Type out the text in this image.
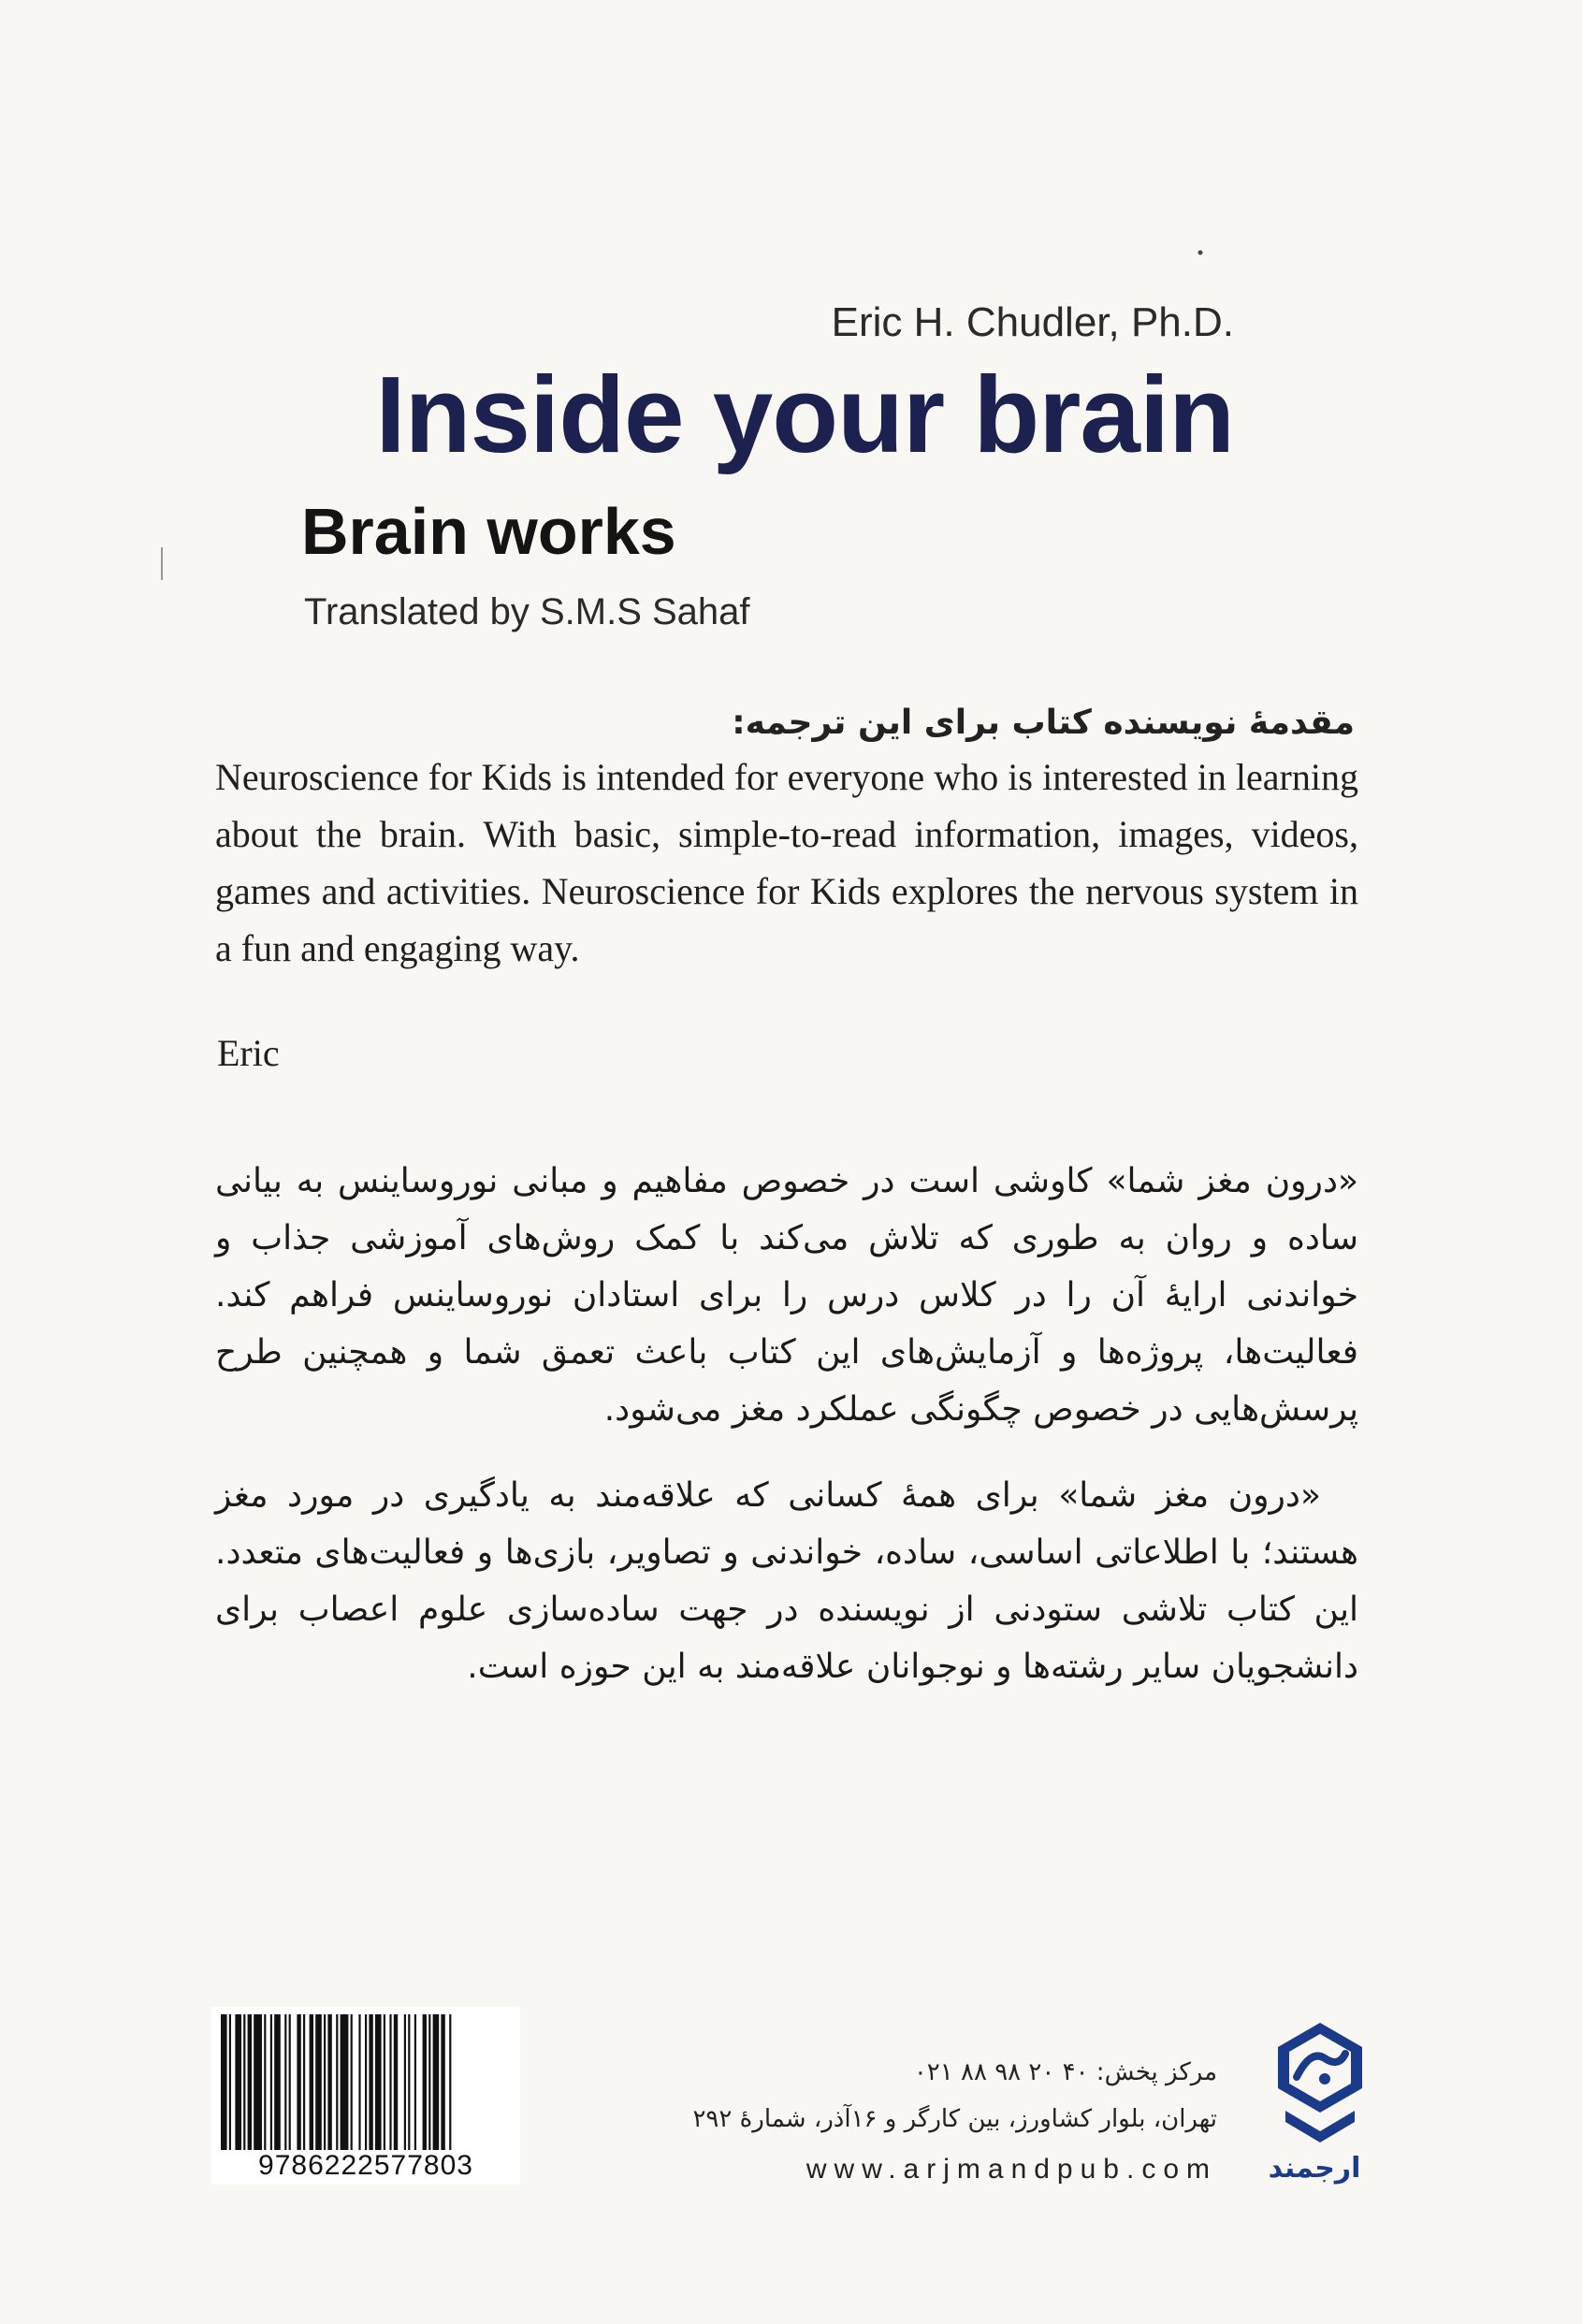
Eric H. Chudler, Ph.D.
Inside your brain
Brain works
Translated by S.M.S Sahaf
مقدمهٔ نویسنده کتاب برای این ترجمه:
Neuroscience for Kids is intended for everyone who is interested in learning about the brain. With basic, simple-to-read information, images, videos, games and activities. Neuroscience for Kids explores the nervous system in a fun and engaging way.
Eric
«درون مغز شما» کاوشی است در خصوص مفاهیم و مبانی نوروساینس به بیانی ساده و روان به طوری که تلاش می‌کند با کمک روش‌های آموزشی جذاب و خواندنی ارایهٔ آن را در کلاس درس را برای استادان نوروساینس فراهم کند. فعالیت‌ها، پروژه‌ها و آزمایش‌های این کتاب باعث تعمق شما و همچنین طرح پرسش‌هایی در خصوص چگونگی عملکرد مغز می‌شود.
«درون مغز شما» برای همهٔ کسانی که علاقه‌مند به یادگیری در مورد مغز هستند؛ با اطلاعاتی اساسی، ساده، خواندنی و تصاویر، بازی‌ها و فعالیت‌های متعدد. این کتاب تلاشی ستودنی از نویسنده در جهت ساده‌سازی علوم اعصاب برای دانشجویان سایر رشته‌ها و نوجوانان علاقه‌مند به این حوزه است.
9786222577803
مرکز پخش: ۴۰ ۲۰ ۹۸ ۸۸ ۰۲۱
تهران، بلوار کشاورز، بین کارگر و ۱۶آذر، شمارهٔ ۲۹۲
www.arjmandpub.com	ارجمند
